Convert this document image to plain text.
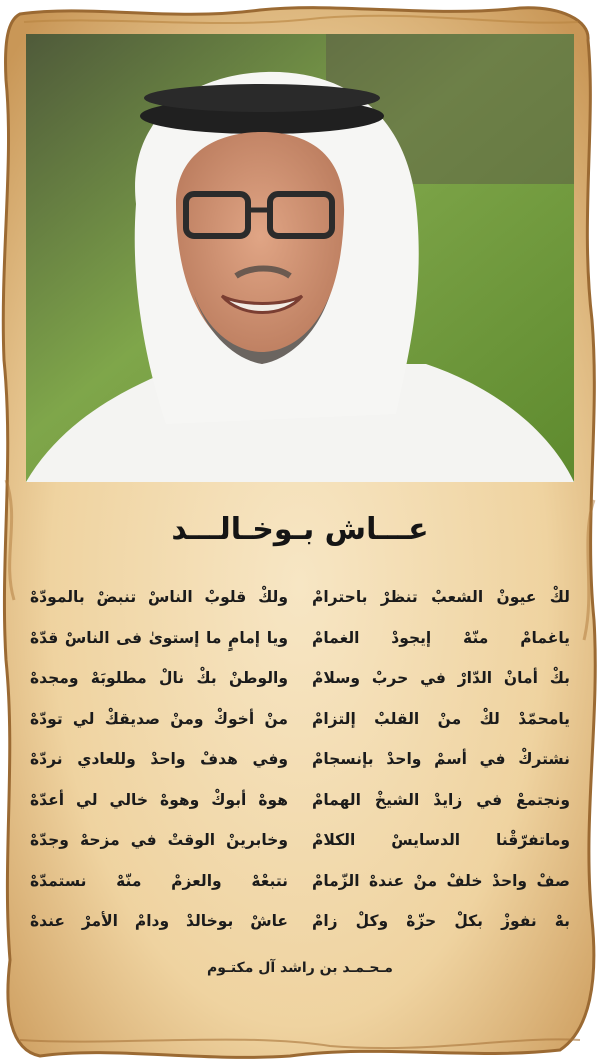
عـــاش بـوخـالـــد
لكْ عيونْ الشعبْ تنظرْ باحترامْ
ولكْ قلوبْ الناسْ تنبضْ بالمودّهْ
ياغمامْ منّهْ إيجودْ الغمامْ
ويا إمامٍ ما إستوىٰ فى الناسْ قدّهْ
بكْ أمانْ الدّارْ في حربْ وسلامْ
والوطنْ بكْ نالْ مطلوبَهْ ومجدهْ
يامحمّدْ لكْ منْ القلبْ إلتزامْ
منْ أخوكْ ومنْ صديقكْ لي تودّهْ
نشتركْ في أسمْ واحدْ بإنسجامْ
وفي هدفْ واحدْ وللعادي نردّهْ
ونجتمعْ في زايدْ الشيخْ الهمامْ
هوهْ أبوكْ وهوهْ خالي لي أعدّهْ
وماتفرّقْنا الدسايسْ الكلامْ
وخابرينْ الوقتْ في مزحهْ وجدّهْ
صفْ واحدْ خلفْ منْ عندهْ الزّمامْ
نتبعْهْ والعزمْ منّهْ نستمدّهْ
بهْ نفوزْ بكلْ حزّهْ وكلْ زامْ
عاشْ بوخالدْ ودامْ الأمرْ عندهْ
مـحـمـد بن راشد آل مكتـوم
